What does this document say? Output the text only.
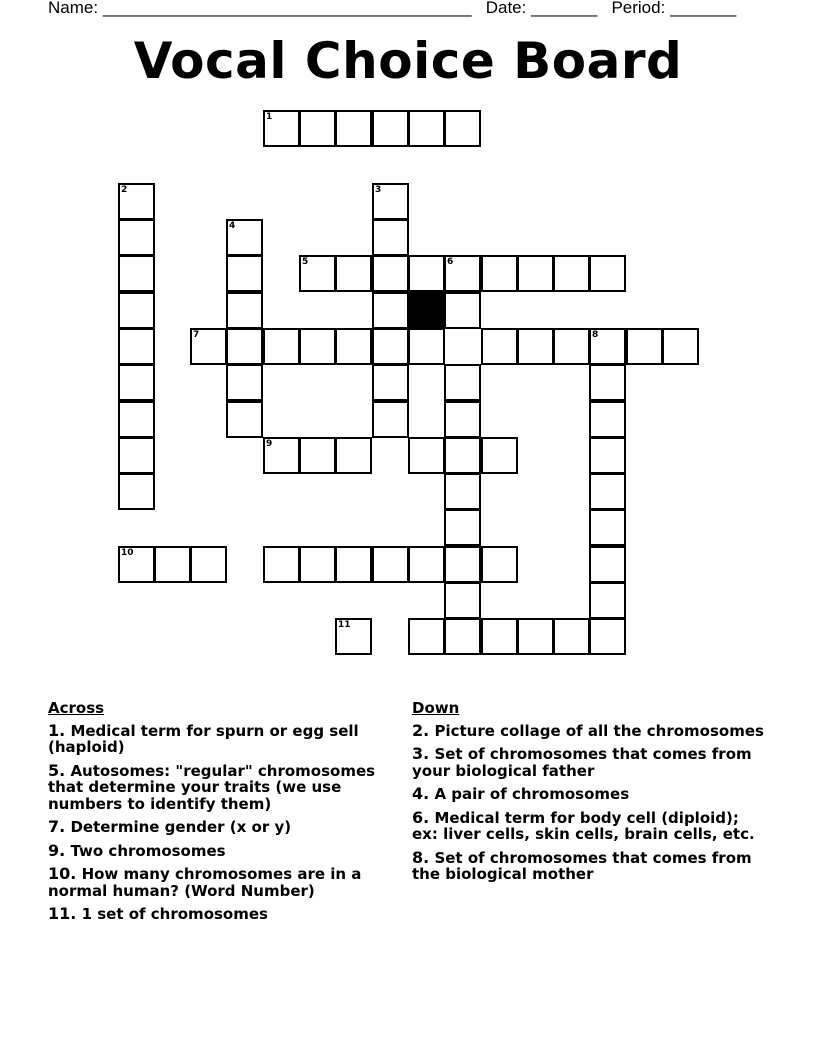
Name: _______________________________________ Date: _______ Period: _______
Vocal Choice Board
1
2	3
4
5	6
7	8
9
10
11
Across
1. Medical term for spurn or egg sell (haploid)
5. Autosomes: "regular" chromosomes that determine your traits (we use numbers to identify them)
7. Determine gender (x or y)
9. Two chromosomes
10. How many chromosomes are in a normal human? (Word Number)
11. 1 set of chromosomes
Down
2. Picture collage of all the chromosomes
3. Set of chromosomes that comes from your biological father
4. A pair of chromosomes
6. Medical term for body cell (diploid); ex: liver cells, skin cells, brain cells, etc.
8. Set of chromosomes that comes from the biological mother
